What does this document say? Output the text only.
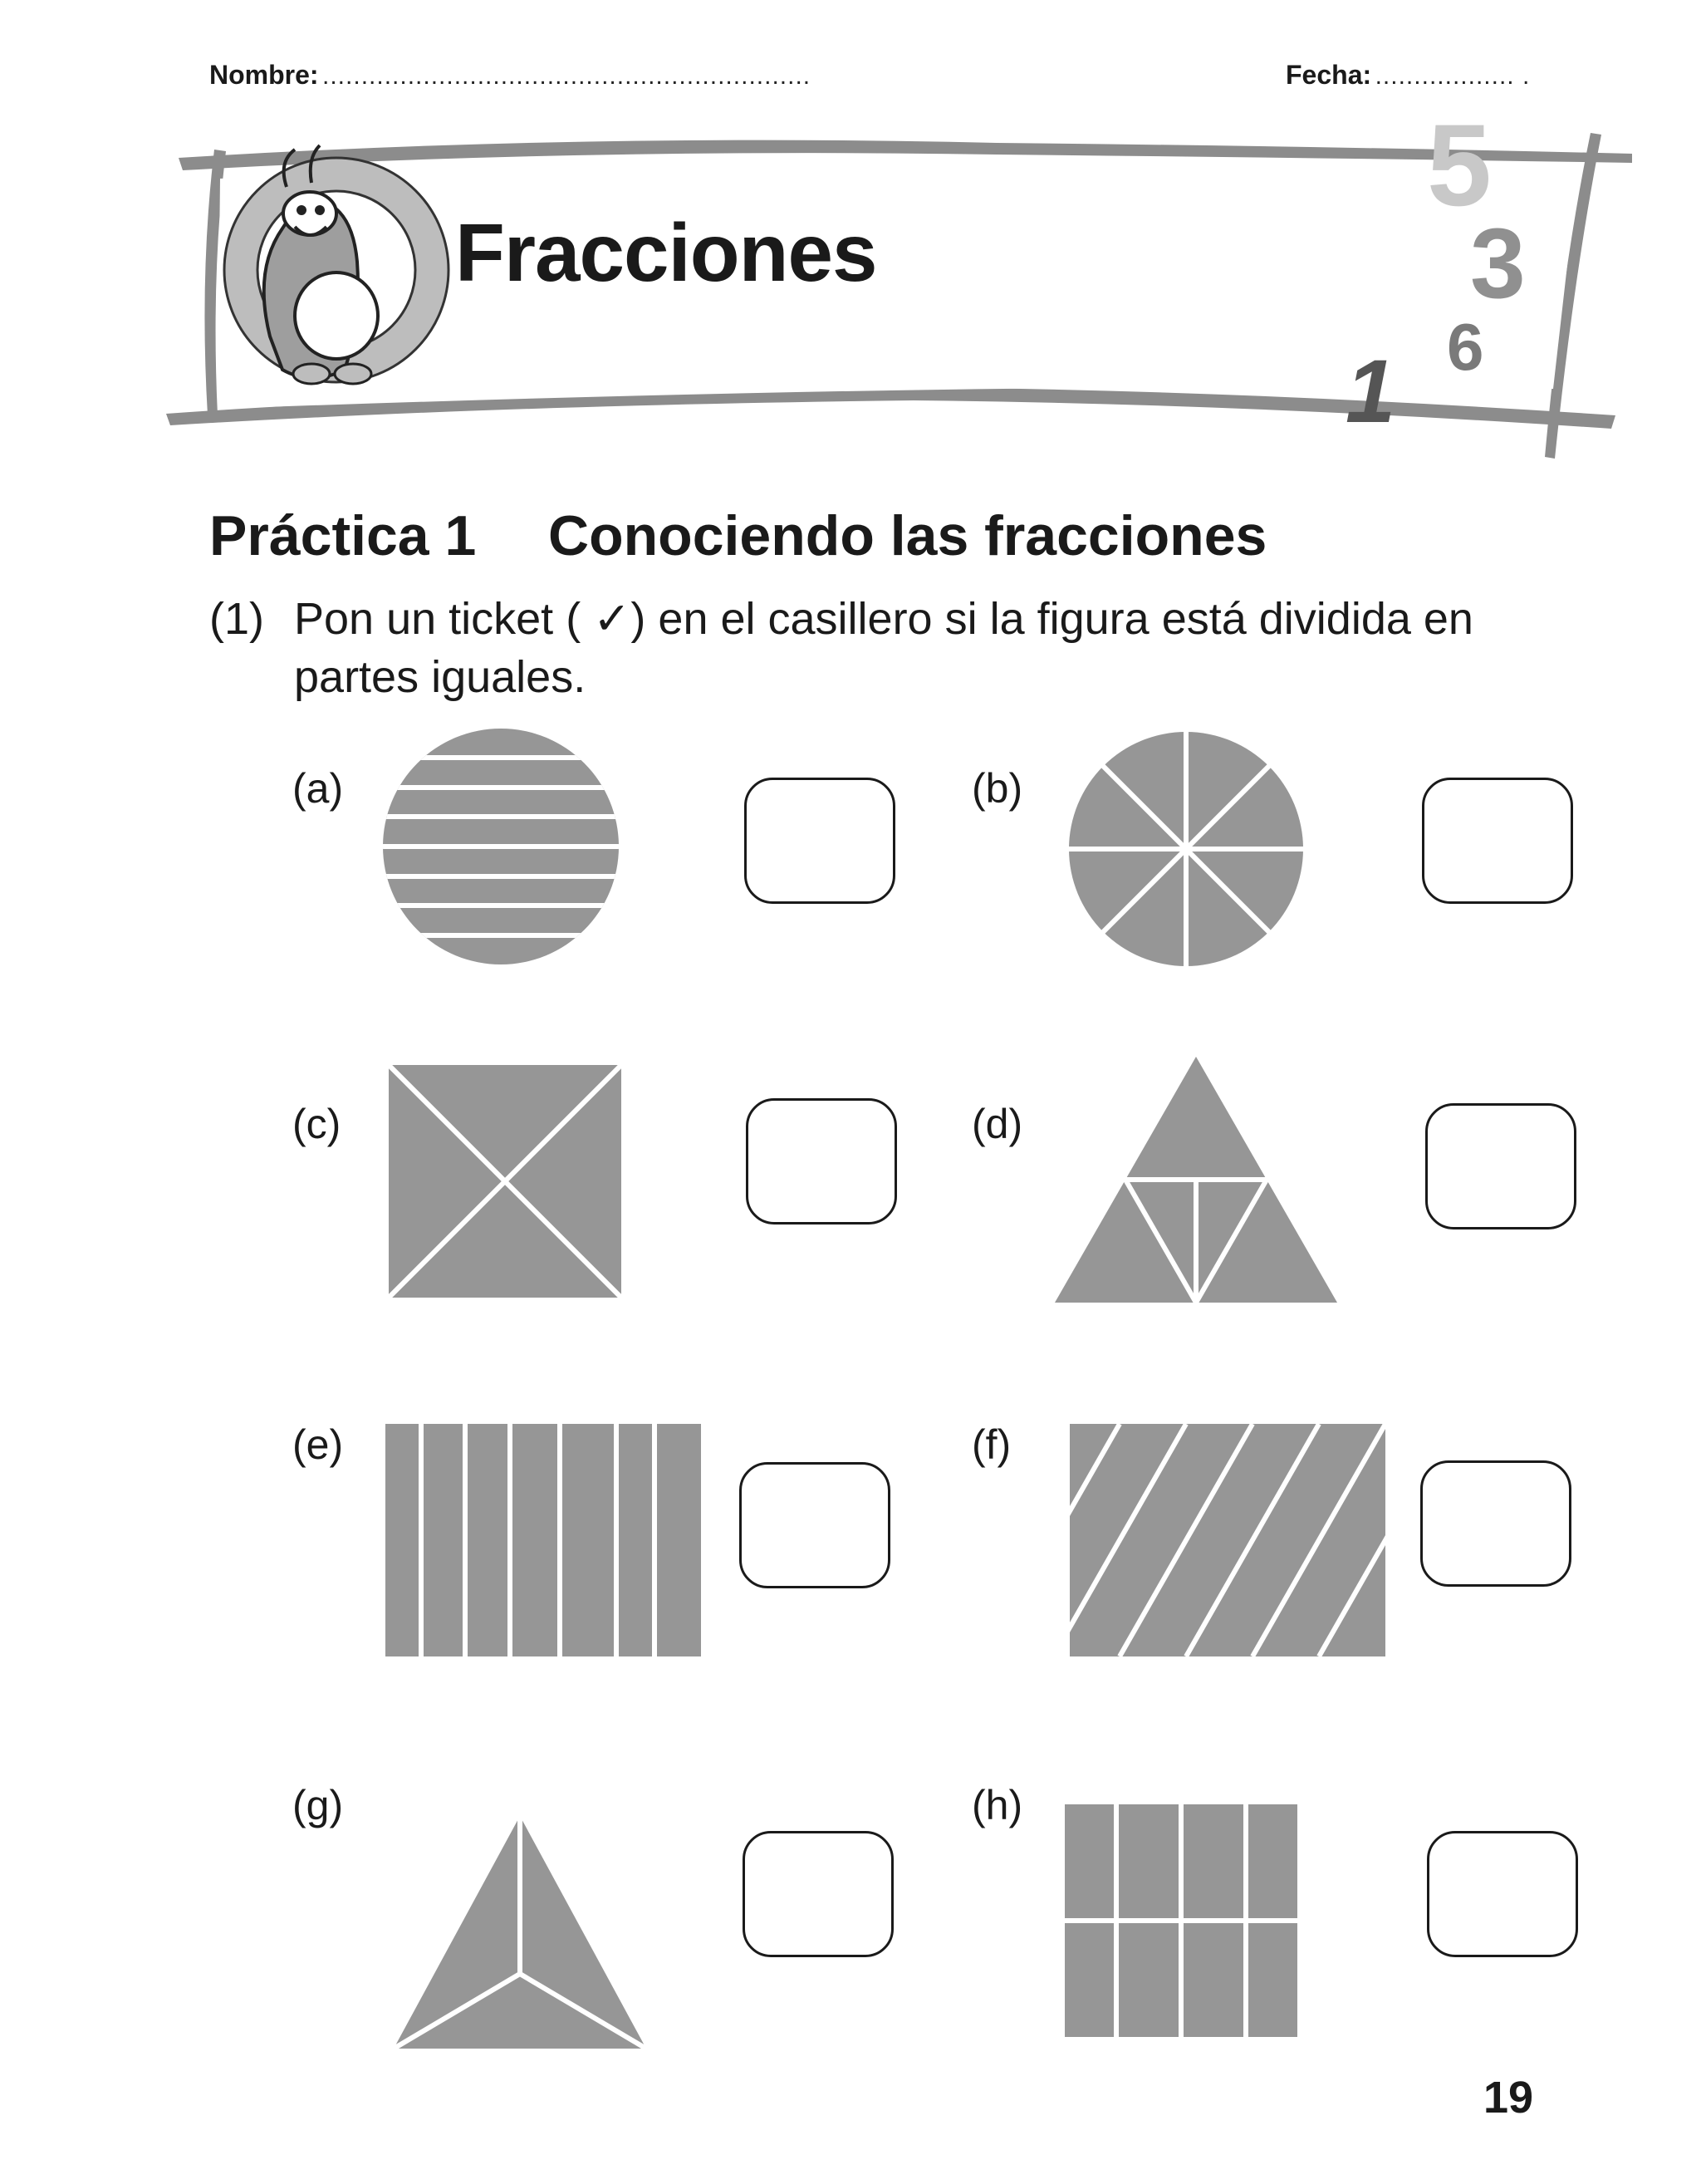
Nombre: ...............................................................	Fecha: .................. .
Fracciones
5
3
6
1
Práctica 1 Conociendo las fracciones
(1) Pon un ticket ( ✓) en el casillero si la figura está dividida en
partes iguales.
(a)	(b)
(c)	(d)
(e)	(f)
(g)	(h)
19
